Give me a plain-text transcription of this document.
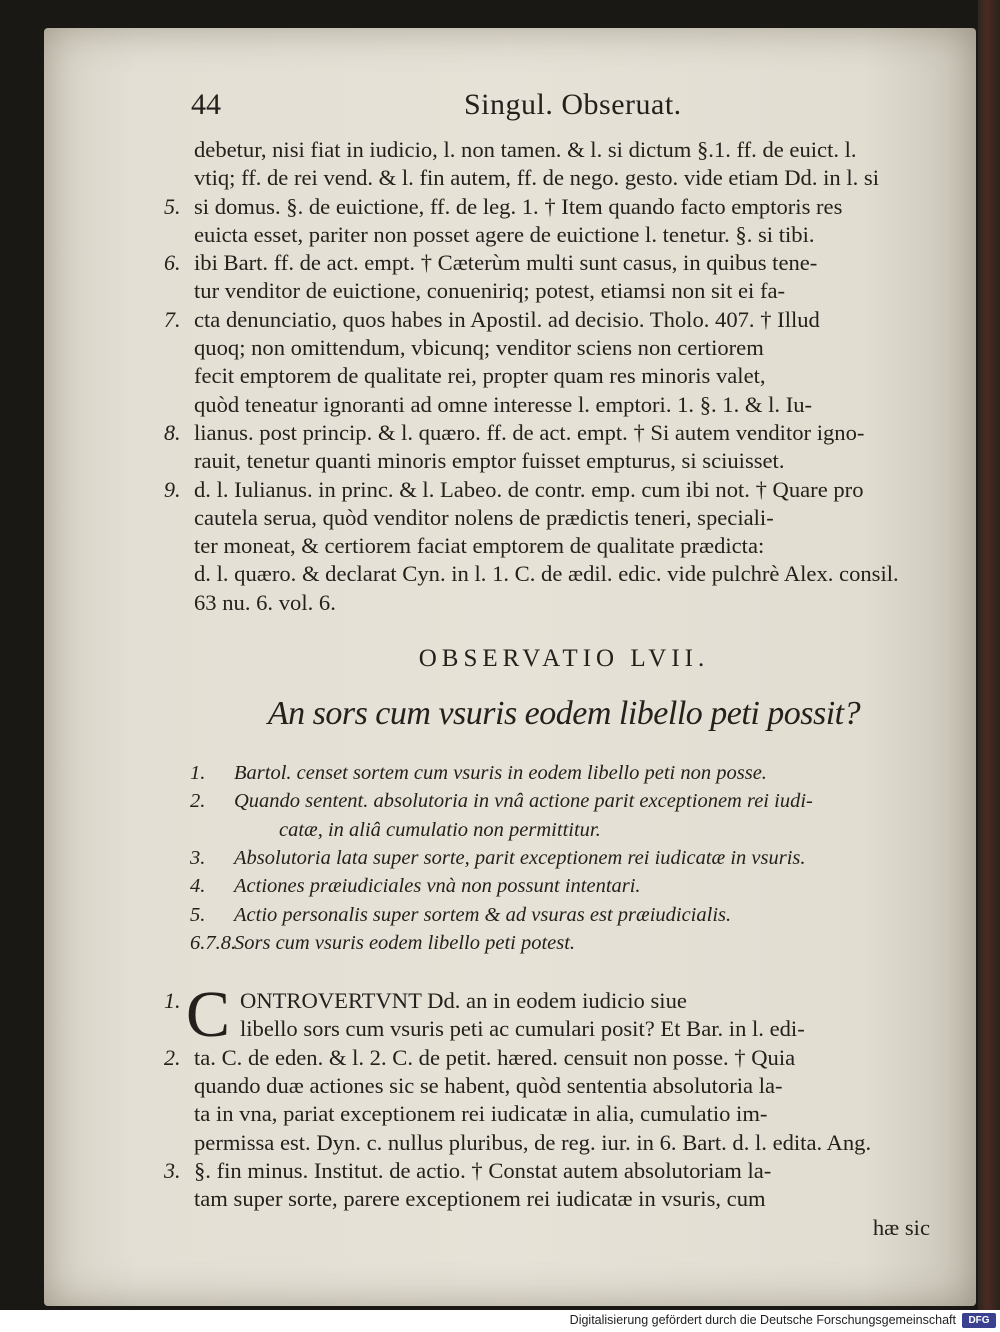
44	Singul. Obseruat.
debetur, nisi fiat in iudicio, l. non tamen. & l. si dictum §.1. ff. de euict. l.
vtiq; ff. de rei vend. & l. fin autem, ff. de nego. gesto. vide etiam Dd. in l. si
5. si domus. §. de euictione, ff. de leg. 1. † Item quando facto emptoris res
euicta esset, pariter non posset agere de euictione l. tenetur. §. si tibi.
6. ibi Bart. ff. de act. empt. † Cæterùm multi sunt casus, in quibus tene-
tur venditor de euictione, conueniriq; potest, etiamsi non sit ei fa-
7. cta denunciatio, quos habes in Apostil. ad decisio. Tholo. 407. † Illud
quoq; non omittendum, vbicunq; venditor sciens non certiorem
fecit emptorem de qualitate rei, propter quam res minoris valet,
quòd teneatur ignoranti ad omne interesse l. emptori. 1. §. 1. & l. Iu-
8. lianus. post princip. & l. quæro. ff. de act. empt. † Si autem venditor igno-
rauit, tenetur quanti minoris emptor fuisset empturus, si sciuisset.
9. d. l. Iulianus. in princ. & l. Labeo. de contr. emp. cum ibi not. † Quare pro
cautela serua, quòd venditor nolens de prædictis teneri, speciali-
ter moneat, & certiorem faciat emptorem de qualitate prædicta:
d. l. quæro. & declarat Cyn. in l. 1. C. de ædil. edic. vide pulchrè Alex. consil.
63 nu. 6. vol. 6.
OBSERVATIO LVII.
An sors cum vsuris eodem libello peti possit?
1. Bartol. censet sortem cum vsuris in eodem libello peti non posse.
2. Quando sentent. absolutoria in vnâ actione parit exceptionem rei iudi-
catæ, in aliâ cumulatio non permittitur.
3. Absolutoria lata super sorte, parit exceptionem rei iudicatæ in vsuris.
4. Actiones præiudiciales vnà non possunt intentari.
5. Actio personalis super sortem & ad vsuras est præiudicialis.
6.7.8.
Sors cum vsuris eodem libello peti potest.
C
1.	ONTROVERTVNT Dd. an in eodem iudicio siue
libello sors cum vsuris peti ac cumulari posit? Et Bar. in l. edi-
2. ta. C. de eden. & l. 2. C. de petit. hæred. censuit non posse. † Quia
quando duæ actiones sic se habent, quòd sententia absolutoria la-
ta in vna, pariat exceptionem rei iudicatæ in alia, cumulatio im-
permissa est. Dyn. c. nullus pluribus, de reg. iur. in 6. Bart. d. l. edita. Ang.
3. §. fin minus. Institut. de actio. † Constat autem absolutoriam la-
tam super sorte, parere exceptionem rei iudicatæ in vsuris, cum
hæ sic
Digitalisierung gefördert durch die Deutsche Forschungsgemeinschaft	DFG
